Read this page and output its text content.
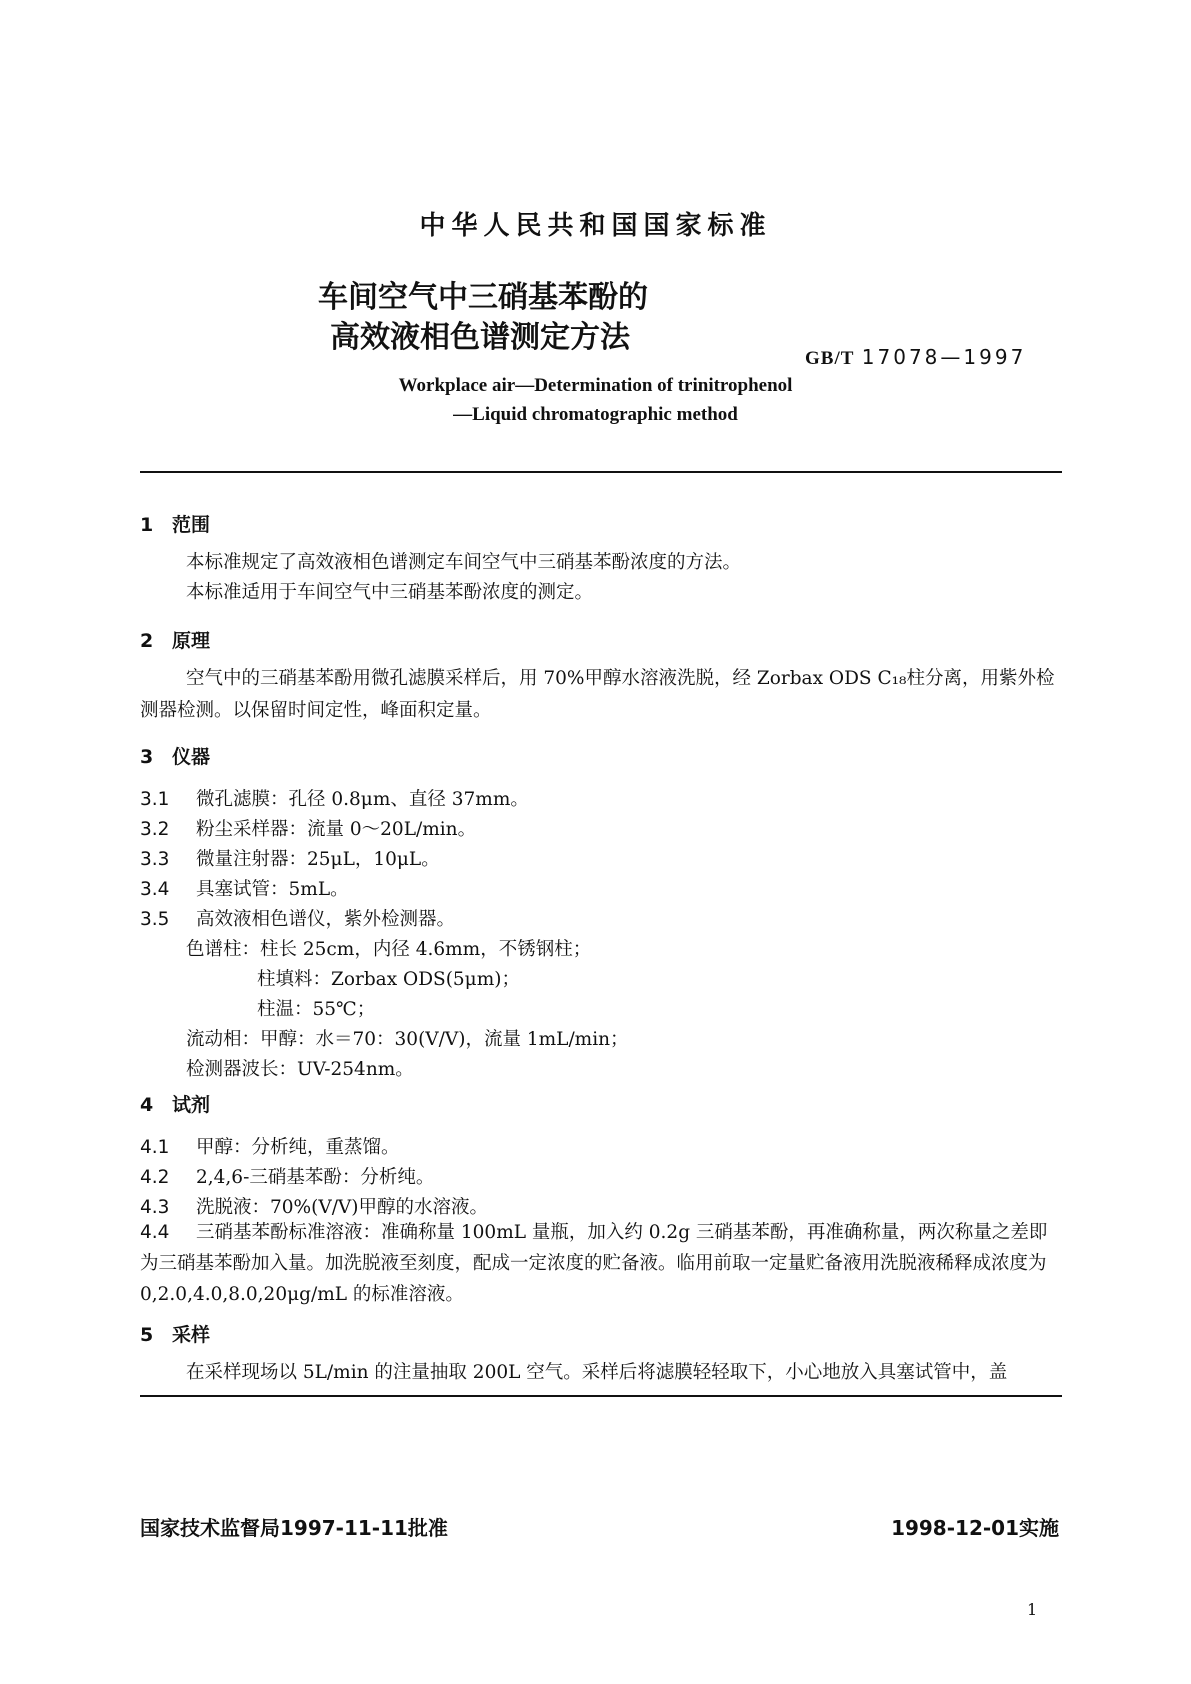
中华人民共和国国家标准
车间空气中三硝基苯酚的
高效液相色谱测定方法
GB/T 17078—1997
Workplace air—Determination of trinitrophenol
—Liquid chromatographic method
1 范围
本标准规定了高效液相色谱测定车间空气中三硝基苯酚浓度的方法。
本标准适用于车间空气中三硝基苯酚浓度的测定。
2 原理
空气中的三硝基苯酚用微孔滤膜采样后，用 70%甲醇水溶液洗脱，经 Zorbax ODS C₁₈柱分离，用紫外检测器检测。以保留时间定性，峰面积定量。
3 仪器
3.1 微孔滤膜：孔径 0.8μm、直径 37mm。
3.2 粉尘采样器：流量 0～20L/min。
3.3 微量注射器：25μL，10μL。
3.4 具塞试管：5mL。
3.5 高效液相色谱仪，紫外检测器。
色谱柱：柱长 25cm，内径 4.6mm，不锈钢柱；
柱填料：Zorbax ODS(5μm)；
柱温：55℃；
流动相：甲醇：水＝70：30(V/V)，流量 1mL/min；
检测器波长：UV-254nm。
4 试剂
4.1 甲醇：分析纯，重蒸馏。
4.2 2,4,6-三硝基苯酚：分析纯。
4.3 洗脱液：70%(V/V)甲醇的水溶液。
4.4 三硝基苯酚标准溶液：准确称量 100mL 量瓶，加入约 0.2g 三硝基苯酚，再准确称量，两次称量之差即为三硝基苯酚加入量。加洗脱液至刻度，配成一定浓度的贮备液。临用前取一定量贮备液用洗脱液稀释成浓度为 0,2.0,4.0,8.0,20μg/mL 的标准溶液。
5 采样
在采样现场以 5L/min 的注量抽取 200L 空气。采样后将滤膜轻轻取下，小心地放入具塞试管中，盖
国家技术监督局1997-11-11批准	1998-12-01实施
1
